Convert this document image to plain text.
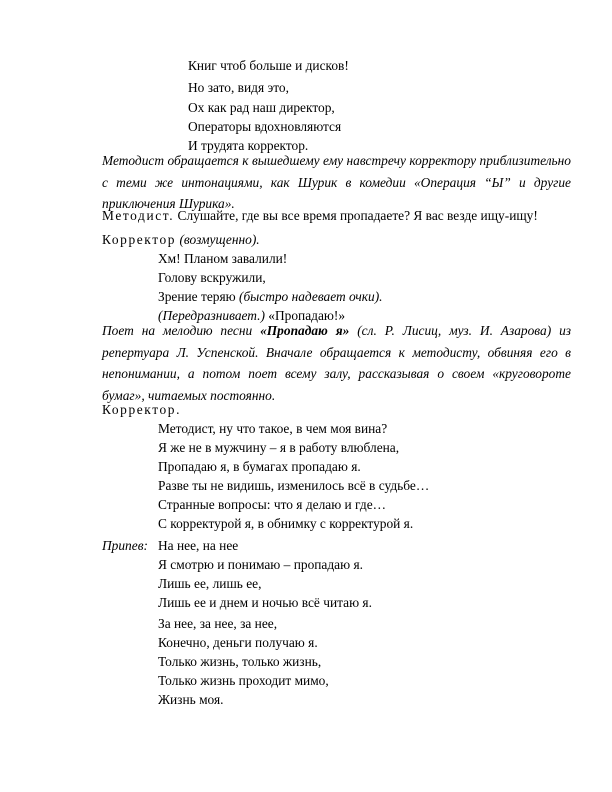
Книг чтоб больше и дисков!
Но зато, видя это,
Ох как рад наш директор,
Операторы вдохновляются
И трудята корректор.
Методист обращается к вышедшему ему навстречу корректору приблизительно с теми же интонациями, как Шурик в комедии «Операция “Ы” и другие приключения Шурика».
Методист. Слушайте, где вы все время пропадаете? Я вас везде ищу-ищу!
Корректор (возмущенно).
Хм! Планом завалили!
Голову вскружили,
Зрение теряю (быстро надевает очки).
(Передразнивает.) «Пропадаю!»
Поет на мелодию песни «Пропадаю я» (сл. Р. Лисиц, муз. И. Азарова) из репертуара Л. Успенской. Вначале обращается к методисту, обвиняя его в непонимании, а потом поет всему залу, рассказывая о своем «круговороте бумаг», читаемых постоянно.
Корректор.
Методист, ну что такое, в чем моя вина?
Я же не в мужчину – я в работу влюблена,
Пропадаю я, в бумагах пропадаю я.
Разве ты не видишь, изменилось всё в судьбе…
Странные вопросы: что я делаю и где…
С корректурой я, в обнимку с корректурой я.
Припев: На нее, на нее
Я смотрю и понимаю – пропадаю я.
Лишь ее, лишь ее,
Лишь ее и днем и ночью всё читаю я.
За нее, за нее, за нее,
Конечно, деньги получаю я.
Только жизнь, только жизнь,
Только жизнь проходит мимо,
Жизнь моя.
